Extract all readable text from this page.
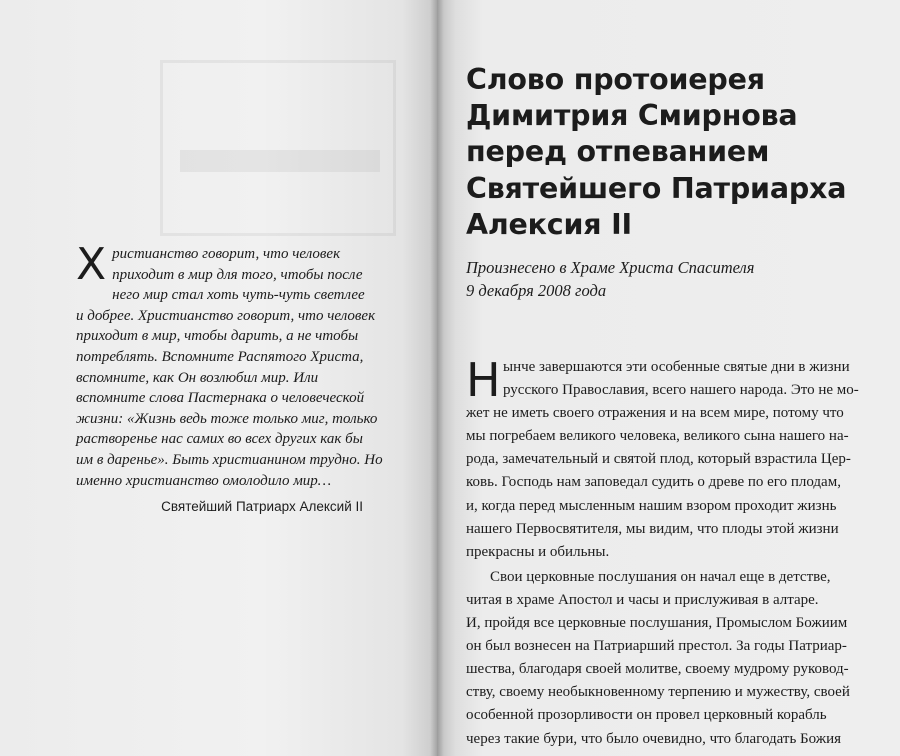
Х ристианство говорит, что человек
приходит в мир для того, чтобы после
него мир стал хоть чуть-чуть светлее
и добрее. Христианство говорит, что человек
приходит в мир, чтобы дарить, а не чтобы
потреблять. Вспомните Распятого Христа,
вспомните, как Он возлюбил мир. Или
вспомните слова Пастернака о человеческой
жизни: «Жизнь ведь тоже только миг, только
растворенье нас самих во всех других как бы
им в даренье». Быть христианином трудно. Но
именно христианство омолодило мир…
Святейший Патриарх Алексий II
Слово протоиерея
Димитрия Смирнова
перед отпеванием
Святейшего Патриарха
Алексия II
Произнесено в Храме Христа Спасителя
9 декабря 2008 года
Н ынче завершаются эти особенные святые дни в жизни
русского Православия, всего нашего народа. Это не мо-
жет не иметь своего отражения и на всем мире, потому что
мы погребаем великого человека, великого сына нашего на-
рода, замечательный и святой плод, который взрастила Цер-
ковь. Господь нам заповедал судить о древе по его плодам,
и, когда перед мысленным нашим взором проходит жизнь
нашего Первосвятителя, мы видим, что плоды этой жизни
прекрасны и обильны.
Свои церковные послушания он начал еще в детстве,
читая в храме Апостол и часы и прислуживая в алтаре.
И, пройдя все церковные послушания, Промыслом Божиим
он был вознесен на Патриарший престол. За годы Патриар-
шества, благодаря своей молитве, своему мудрому руковод-
ству, своему необыкновенному терпению и мужеству, своей
особенной прозорливости он провел церковный корабль
через такие бури, что было очевидно, что благодать Божия
